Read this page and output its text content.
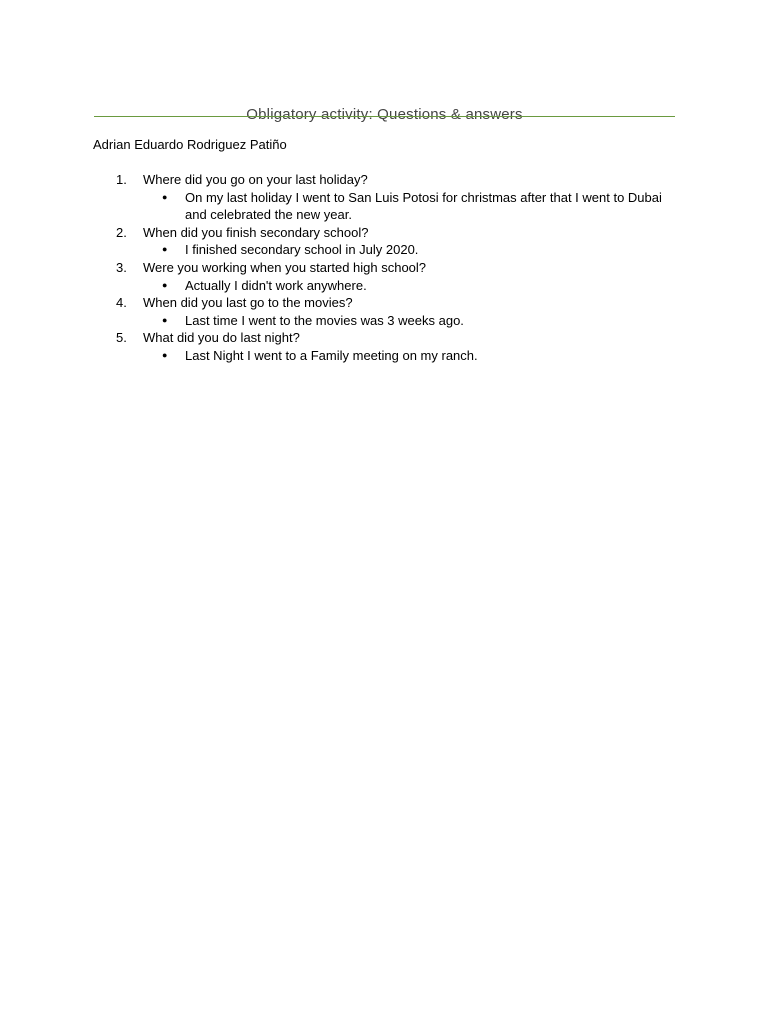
Obligatory activity: Questions & answers
Adrian Eduardo Rodriguez Patiño
1. Where did you go on your last holiday?
● On my last holiday I went to San Luis Potosi for christmas after that I went to Dubai and celebrated the new year.
2. When did you finish secondary school?
● I finished secondary school in July 2020.
3. Were you working when you started high school?
● Actually I didn't work anywhere.
4. When did you last go to the movies?
● Last time I went to the movies was 3 weeks ago.
5. What did you do last night?
● Last Night I went to a Family meeting on my ranch.
